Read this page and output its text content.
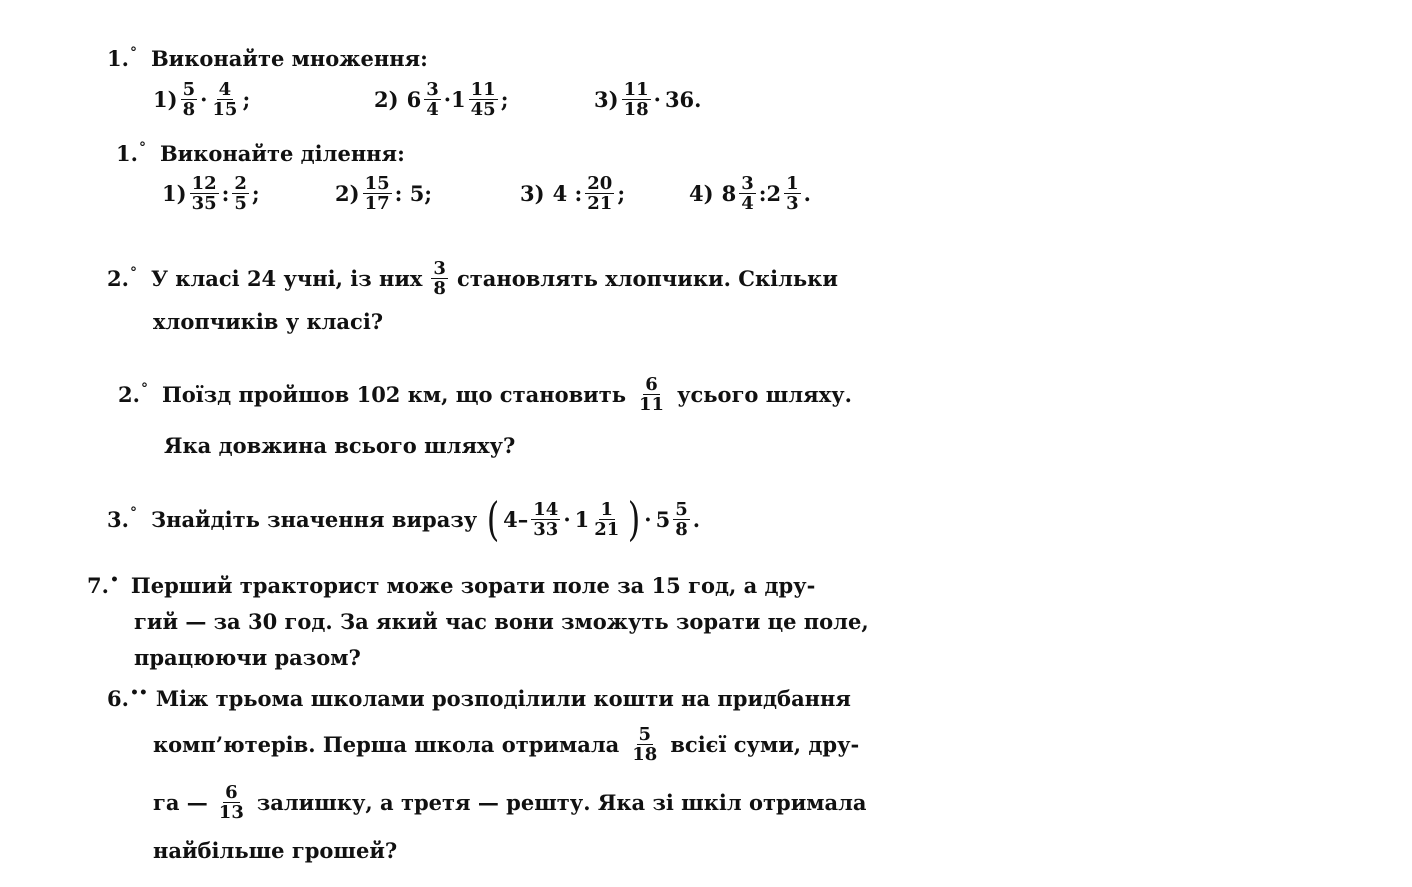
1. ° Виконайте множення:
$1) \frac{5}{8} \cdot \frac{4}{15}$ ;	2) $6 \frac{3}{4} \cdot 1 \frac{11}{45}$ ;	$3) \frac{11}{18} \cdot 36$.
1. ° Виконайте ділення:
$1) \frac{12}{35}$ : $\frac{2}{5}$ ;	$2) \frac{15}{17}$ : 5;	3) 4 : $\frac{20}{21}$ ;	4) $8 \frac{3}{4}$ : $2 \frac{1}{3}$ .
2. ° У класі 24 учні, із них $\frac{3}{8}$ становлять хлопчики. Скільки
хлопчиків у класі?
2. ° Поїзд пройшов 102 км, що становить $\frac{6}{11}$ усього шляху.
Яка довжина всього шляху?
3. ° Знайдіть значення виразу ( $4 - \frac{14}{33} \cdot 1 \frac{1}{21}$ ) · $5 \frac{5}{8}$ .
7. • Перший тракторист може зорати поле за 15 год, а дру-
гий — за 30 год. За який час вони зможуть зорати це поле,
працюючи разом?
6. •• Між трьома школами розподілили кошти на придбання
комп’ютерів. Перша школа отримала $\frac{5}{18}$ всієї суми, дру-
га — $\frac{6}{13}$ залишку, а третя — решту. Яка зі шкіл отримала
найбільше грошей?
